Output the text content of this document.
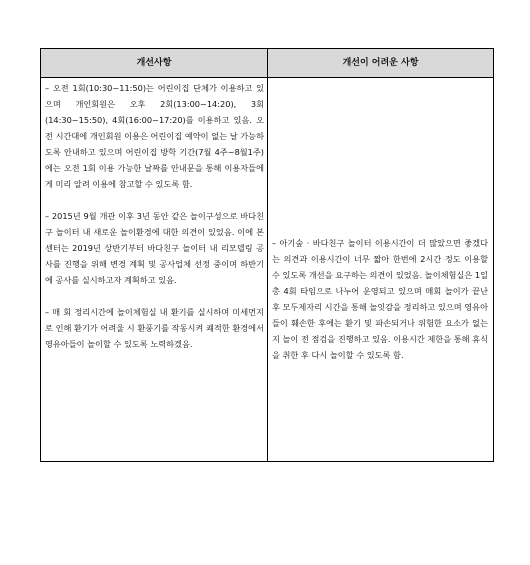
개선사항	개선이 어려운 사항

– 오전 1회(10:30~11:50)는 어린이집 단체가 이용하고 있으며 개인회원은 오후 2회(13:00~14:20), 3회(14:30~15:50), 4회(16:00~17:20)를 이용하고 있음. 오전 시간대에 개인회원 이용은 어린이집 예약이 없는 날 가능하도록 안내하고 있으며 어린이집 방학 기간(7월 4주~8월1주)에는 오전 1회 이용 가능한 날짜를 안내문을 통해 이용자들에게 미리 알려 이용에 참고할 수 있도록 함.

– 2015년 9월 개관 이후 3년 동안 같은 놀이구성으로 바다친구 놀이터 내 새로운 놀이환경에 대한 의견이 있었음. 이에 본 센터는 2019년 상반기부터 바다친구 놀이터 내 리모델링 공사를 진행을 위해 변경 계획 및 공사업체 선정 중이며 하반기에 공사를 실시하고자 계획하고 있음.

– 매 회 정리시간에 놀이체험실 내 환기를 실시하며 미세먼지로 인해 환기가 어려울 시 환풍기를 작동시켜 쾌적한 환경에서 영유아들이 놀이할 수 있도록 노력하겠음.

– 아기숲 · 바다친구 놀이터 이용시간이 더 많았으면 좋겠다는 의견과 이용시간이 너무 짧아 한번에 2시간 정도 이용할 수 있도록 개선을 요구하는 의견이 있었음. 놀이체험실은 1일 총 4회 타임으로 나누어 운영되고 있으며 매회 놀이가 끝난 후 모두제자리 시간을 통해 놀잇감을 정리하고 있으며 영유아들이 훼손한 후에는 환기 및 파손되거나 위험한 요소가 없는지 놀이 전 점검을 진행하고 있음. 이용시간 제한을 통해 휴식을 취한 후 다시 놀이할 수 있도록 함.
